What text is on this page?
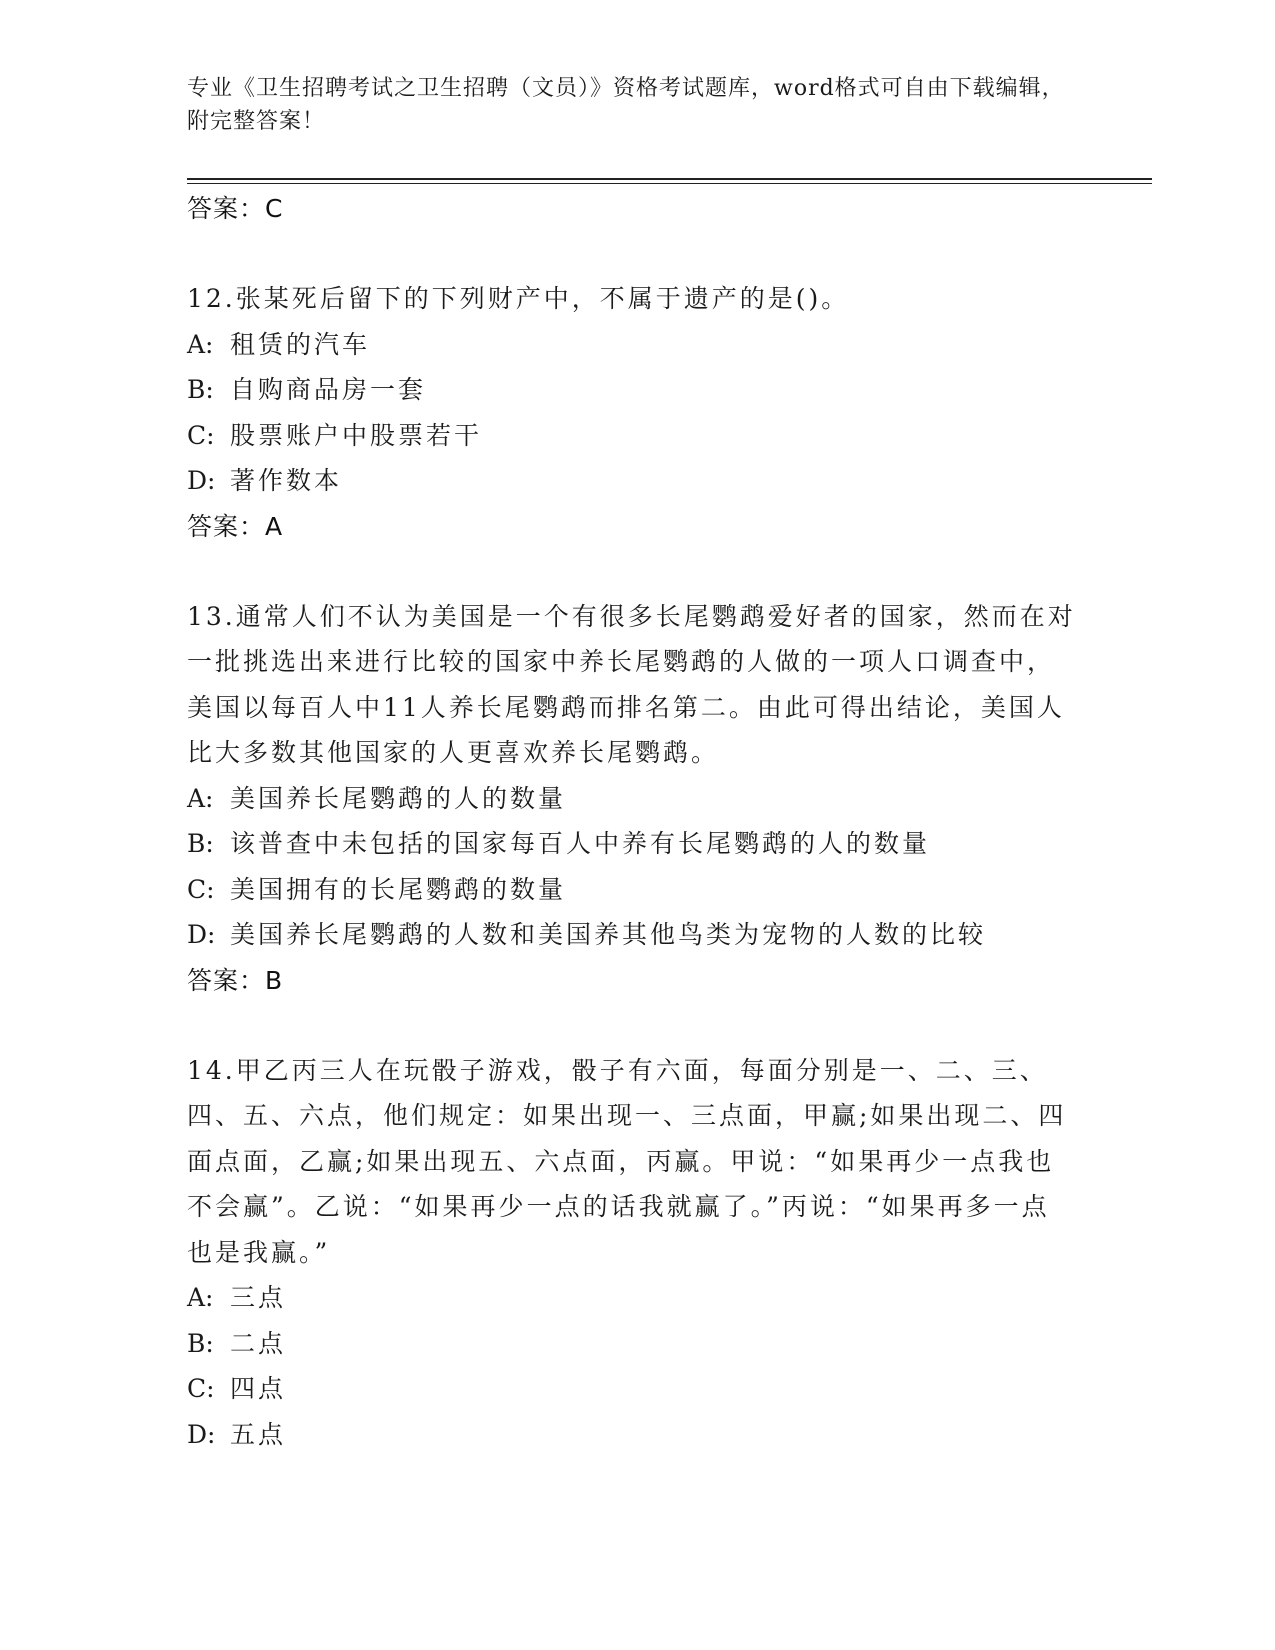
专业《卫生招聘考试之卫生招聘（文员）》资格考试题库，word格式可自由下载编辑，附完整答案！
答案：C
12.张某死后留下的下列财产中，不属于遗产的是()。
A: 租赁的汽车
B: 自购商品房一套
C: 股票账户中股票若干
D: 著作数本
答案：A
13.通常人们不认为美国是一个有很多长尾鹦鹉爱好者的国家，然而在对一批挑选出来进行比较的国家中养长尾鹦鹉的人做的一项人口调查中，美国以每百人中11人养长尾鹦鹉而排名第二。由此可得出结论，美国人比大多数其他国家的人更喜欢养长尾鹦鹉。
A: 美国养长尾鹦鹉的人的数量
B: 该普查中未包括的国家每百人中养有长尾鹦鹉的人的数量
C: 美国拥有的长尾鹦鹉的数量
D: 美国养长尾鹦鹉的人数和美国养其他鸟类为宠物的人数的比较
答案：B
14.甲乙丙三人在玩骰子游戏，骰子有六面，每面分别是一、二、三、四、五、六点，他们规定：如果出现一、三点面，甲赢;如果出现二、四面点面，乙赢;如果出现五、六点面，丙赢。甲说：“如果再少一点我也不会赢”。乙说：“如果再少一点的话我就赢了。”丙说：“如果再多一点也是我赢。”
A: 三点
B: 二点
C: 四点
D: 五点
